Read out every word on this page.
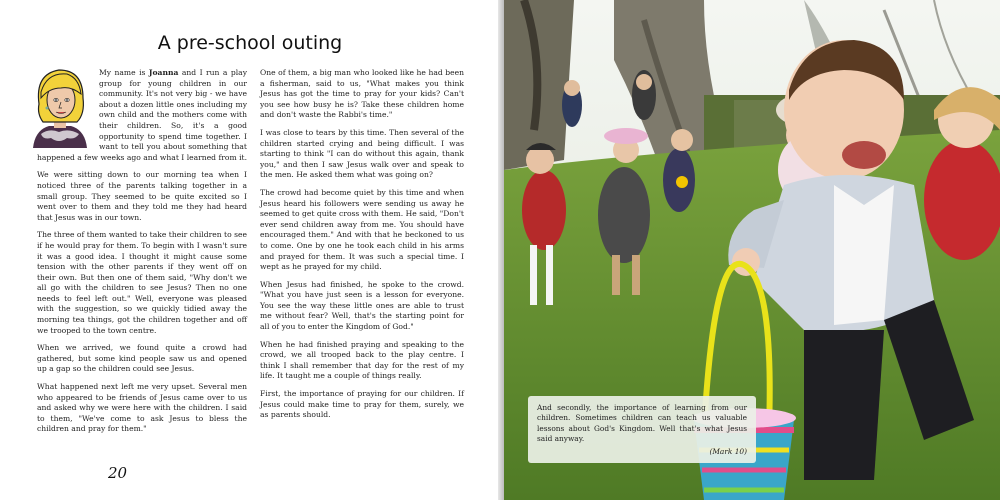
A pre-school outing

My name is Joanna and I run a play group for young children in our community. It's not very big - we have about a dozen little ones including my own child and the mothers come with their children. So, it's a good opportunity to spend time together. I want to tell you about something that happened a few weeks ago and what I learned from it.

We were sitting down to our morning tea when I noticed three of the parents talking together in a small group. They seemed to be quite excited so I went over to them and they told me they had heard that Jesus was in our town.

The three of them wanted to take their children to see if he would pray for them. To begin with I wasn't sure it was a good idea. I thought it might cause some tension with the other parents if they went off on their own. But then one of them said, "Why don't we all go with the children to see Jesus? Then no one needs to feel left out." Well, everyone was pleased with the suggestion, so we quickly tidied away the morning tea things, got the children together and off we trooped to the town centre.

When we arrived, we found quite a crowd had gathered, but some kind people saw us and opened up a gap so the children could see Jesus.

What happened next left me very upset. Several men who appeared to be friends of Jesus came over to us and asked why we were here with the children. I said to them, "We've come to ask Jesus to bless the children and pray for them."

One of them, a big man who looked like he had been a fisherman, said to us, "What makes you think Jesus has got the time to pray for your kids? Can't you see how busy he is? Take these children home and don't waste the Rabbi's time."

I was close to tears by this time. Then several of the children started crying and being difficult. I was starting to think "I can do without this again, thank you," and then I saw Jesus walk over and speak to the men. He asked them what was going on?

The crowd had become quiet by this time and when Jesus heard his followers were sending us away he seemed to get quite cross with them. He said, "Don't ever send children away from me. You should have encouraged them." And with that he beckoned to us to come. One by one he took each child in his arms and prayed for them. It was such a special time. I wept as he prayed for my child.

When Jesus had finished, he spoke to the crowd. "What you have just seen is a lesson for everyone. You see the way these little ones are able to trust me without fear? Well, that's the starting point for all of you to enter the Kingdom of God."

When he had finished praying and speaking to the crowd, we all trooped back to the play centre. I think I shall remember that day for the rest of my life. It taught me a couple of things really.

First, the importance of praying for our children. If Jesus could make time to pray for them, surely, we as parents should.

20
And secondly, the importance of learning from our children. Sometimes children can teach us valuable lessons about God's Kingdom. Well that's what Jesus said anyway.
(Mark 10)
